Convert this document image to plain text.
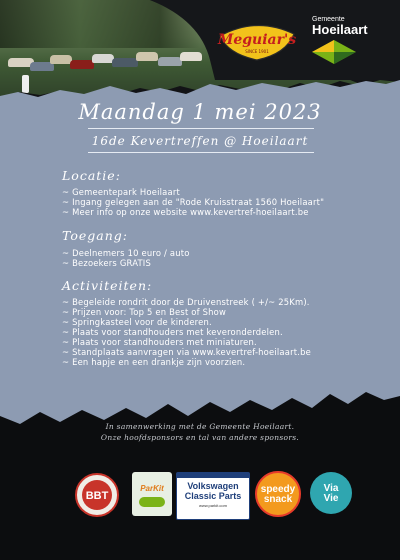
Meguiar's
SINCE 1901
Gemeente
Hoeilaart
Maandag 1 mei 2023
16de Kevertreffen @ Hoeilaart
Locatie:
~ Gemeentepark Hoeilaart
~ Ingang gelegen aan de "Rode Kruisstraat 1560 Hoeilaart"
~ Meer info op onze website www.kevertref-hoeilaart.be
Toegang:
~ Deelnemers 10 euro / auto
~ Bezoekers GRATIS
Activiteiten:
~ Begeleide rondrit door de Druivenstreek ( +/~ 25Km).
~ Prijzen voor: Top 5 en Best of Show
~ Springkasteel voor de kinderen.
~ Plaats voor standhouders met keveronderdelen.
~ Plaats voor standhouders met miniaturen.
~ Standplaats aanvragen via www.kevertref-hoeilaart.be
~ Een hapje en een drankje zijn voorzien.
In samenwerking met de Gemeente Hoeilaart.
Onze hoofdsponsors en tal van andere sponsors.
BBT
ParKit	Volkswagen
Classic Parts
www.parkit.com
speedy
snack
Via
Vie
